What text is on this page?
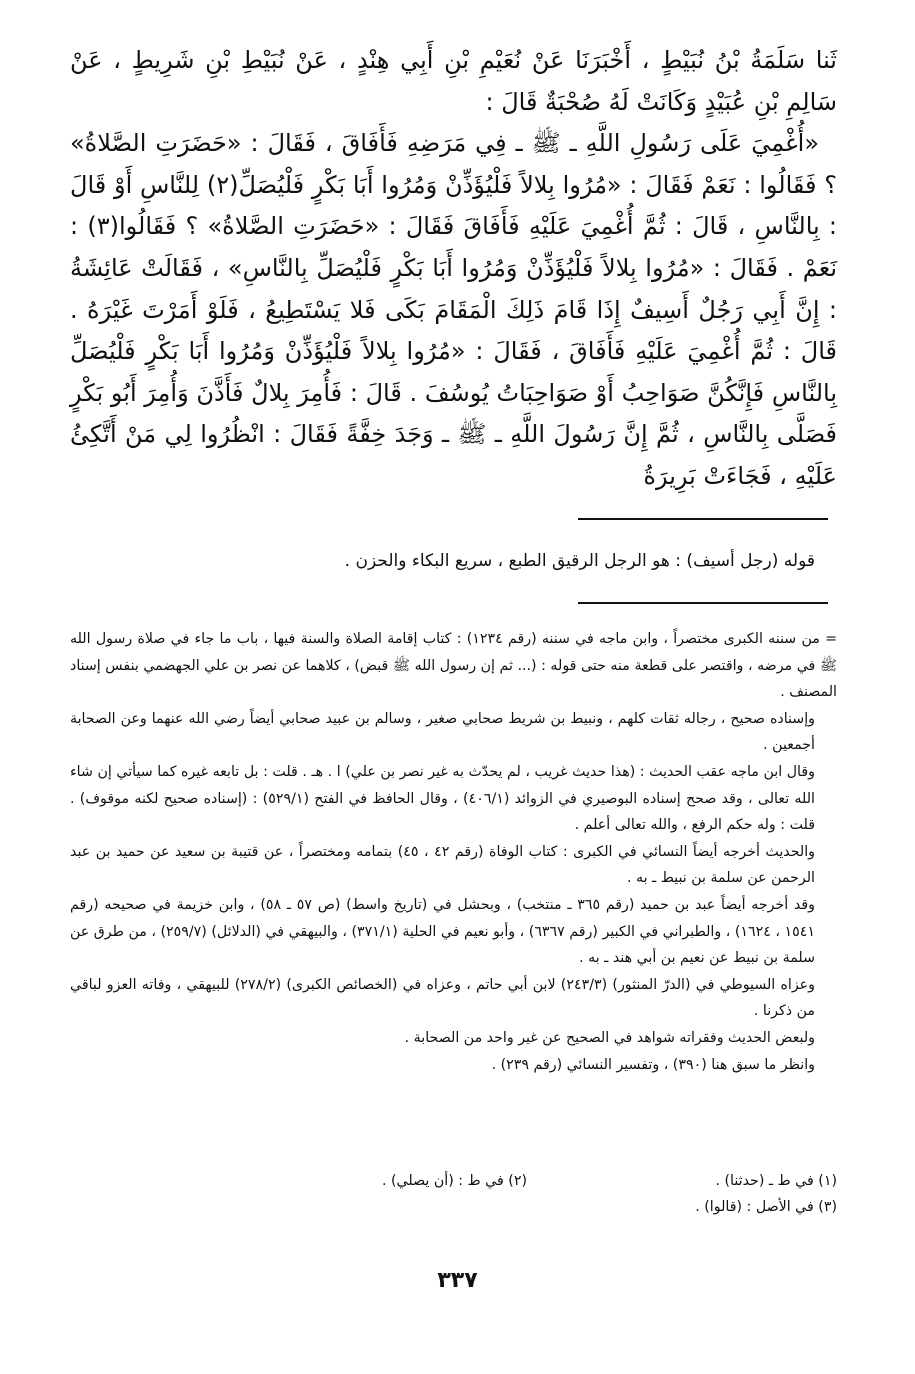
ثَنا سَلَمَةُ بْنُ نُبَيْطٍ ، أَخْبَرَنَا عَنْ نُعَيْمِ بْنِ أَبِي هِنْدٍ ، عَنْ نُبَيْطِ بْنِ شَرِيطٍ ، عَنْ سَالِمِ بْنِ عُبَيْدٍ وَكَانَتْ لَهُ صُحْبَةٌ قَالَ :

«أُغْمِيَ عَلَى رَسُولِ اللَّهِ ـ ﷺ ـ فِي مَرَضِهِ فَأَفَاقَ ، فَقَالَ : «حَضَرَتِ الصَّلاةُ» ؟ فَقَالُوا : نَعَمْ فَقَالَ : «مُرُوا بِلالاً فَلْيُؤَذِّنْ وَمُرُوا أَبَا بَكْرٍ فَلْيُصَلِّ(٢) لِلنَّاسِ أَوْ قَالَ : بِالنَّاسِ ، قَالَ : ثُمَّ أُغْمِيَ عَلَيْهِ فَأَفَاقَ فَقَالَ : «حَضَرَتِ الصَّلاةُ» ؟ فَقَالُوا(٣) : نَعَمْ . فَقَالَ : «مُرُوا بِلالاً فَلْيُؤَذِّنْ وَمُرُوا أَبَا بَكْرٍ فَلْيُصَلِّ بِالنَّاسِ» ، فَقَالَتْ عَائِشَةُ : إِنَّ أَبِي رَجُلٌ أَسِيفٌ إِذَا قَامَ ذَلِكَ الْمَقَامَ بَكَى فَلا يَسْتَطِيعُ ، فَلَوْ أَمَرْتَ غَيْرَهُ . قَالَ : ثُمَّ أُغْمِيَ عَلَيْهِ فَأَفَاقَ ، فَقَالَ : «مُرُوا بِلالاً فَلْيُؤَذِّنْ وَمُرُوا أَبَا بَكْرٍ فَلْيُصَلِّ بِالنَّاسِ فَإِنَّكُنَّ صَوَاحِبُ أَوْ صَوَاحِبَاتُ يُوسُفَ . قَالَ : فَأُمِرَ بِلالٌ فَأَذَّنَ وَأُمِرَ أَبُو بَكْرٍ فَصَلَّى بِالنَّاسِ ، ثُمَّ إِنَّ رَسُولَ اللَّهِ ـ ﷺ ـ وَجَدَ خِفَّةً فَقَالَ : انْظُرُوا لِي مَنْ أَتَّكِئُ عَلَيْهِ ، فَجَاءَتْ بَرِيرَةُ

قوله (رجل أسيف) : هو الرجل الرقيق الطبع ، سريع البكاء والحزن .

= من سننه الكبرى مختصراً ، وابن ماجه في سننه (رقم ١٢٣٤) : كتاب إقامة الصلاة والسنة فيها ، باب ما جاء في صلاة رسول الله ﷺ في مرضه ، واقتصر على قطعة منه حتى قوله : (... ثم إن رسول الله ﷺ قبض) ، كلاهما عن نصر بن علي الجهضمي بنفس إسناد المصنف .

وإسناده صحيح ، رجاله ثقات كلهم ، ونبيط بن شريط صحابي صغير ، وسالم بن عبيد صحابي أيضاً رضي الله عنهما وعن الصحابة أجمعين .

وقال ابن ماجه عقب الحديث : (هذا حديث غريب ، لم يحدّث به غير نصر بن علي) ا . هـ . قلت : بل تابعه غيره كما سيأتي إن شاء الله تعالى ، وقد صحح إسناده البوصيري في الزوائد (٤٠٦/١) ، وقال الحافظ في الفتح (٥٢٩/١) : (إسناده صحيح لكنه موقوف) . قلت : وله حكم الرفع ، والله تعالى أعلم .

والحديث أخرجه أيضاً النسائي في الكبرى : كتاب الوفاة (رقم ٤٢ ، ٤٥) بتمامه ومختصراً ، عن قتيبة بن سعيد عن حميد بن عبد الرحمن عن سلمة بن نبيط ـ به .

وقد أخرجه أيضاً عبد بن حميد (رقم ٣٦٥ ـ منتخب) ، وبحشل في (تاريخ واسط) (ص ٥٧ ـ ٥٨) ، وابن خزيمة في صحيحه (رقم ١٥٤١ ، ١٦٢٤) ، والطبراني في الكبير (رقم ٦٣٦٧) ، وأبو نعيم في الحلية (٣٧١/١) ، والبيهقي في (الدلائل) (٢٥٩/٧) ، من طرق عن سلمة بن نبيط عن نعيم بن أبي هند ـ به .

وعزاه السيوطي في (الدرّ المنثور) (٢٤٣/٣) لابن أبي حاتم ، وعزاه في (الخصائص الكبرى) (٢٧٨/٢) للبيهقي ، وفاته العزو لباقي من ذكرنا .

ولبعض الحديث وفقراته شواهد في الصحيح عن غير واحد من الصحابة .

وانظر ما سبق هنا (٣٩٠) ، وتفسير النسائي (رقم ٢٣٩) .

(١) في ط ـ (حدثنا) .
(٢) في ط : (أن يصلي) .
(٣) في الأصل : (قالوا) .
٣٣٧
